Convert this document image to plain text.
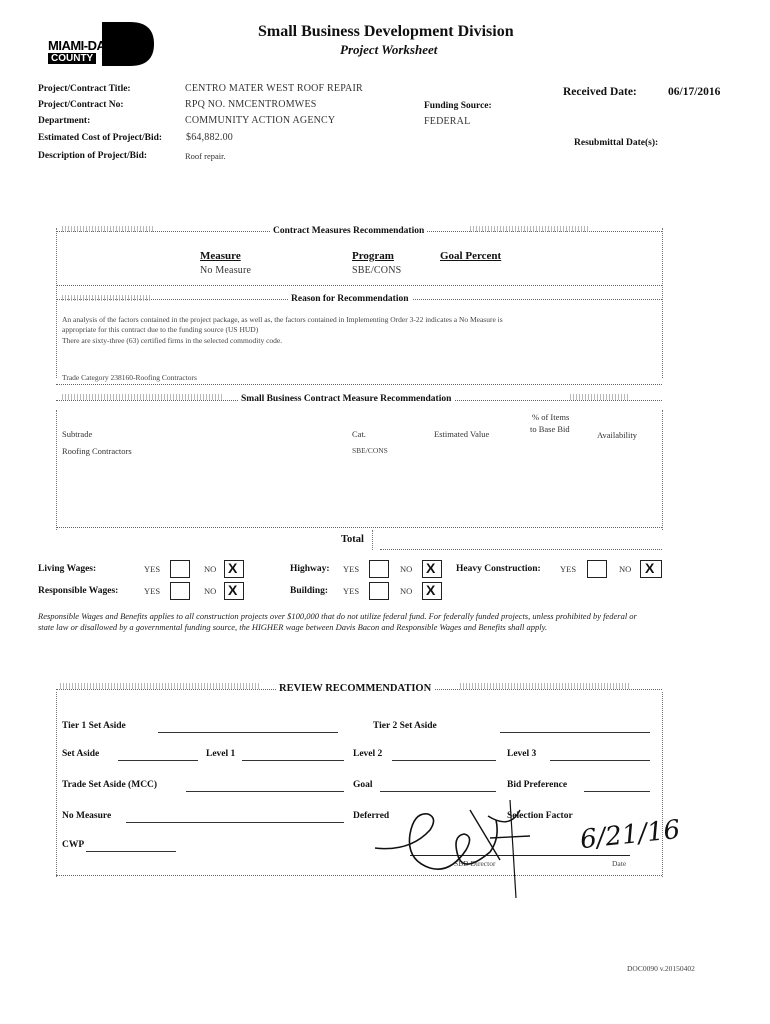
MIAMI-DADE
COUNTY
Small Business Development Division
Project Worksheet
Project/Contract Title:	CENTRO MATER WEST ROOF REPAIR
Project/Contract No:	RPQ NO. NMCENTROMWES
Department:	COMMUNITY ACTION AGENCY
Estimated Cost of Project/Bid: $64,882.00
Description of Project/Bid:	Roof repair.
Funding Source:
FEDERAL
Received Date:	06/17/2016
Resubmittal Date(s):
Contract Measures Recommendation
Measure
No Measure
Program
SBE/CONS
Goal Percent
Reason for Recommendation
An analysis of the factors contained in the project package, as well as, the factors contained in Implementing Order 3-22 indicates a No Measure is
appropriate for this contract due to the funding source (US HUD)
There are sixty-three (63) certified firms in the selected commodity code.
Trade Category 238160-Roofing Contractors
Small Business Contract Measure Recommendation
% of Items
to Base Bid
Subtrade	Cat.	Estimated Value	Availability
Roofing Contractors	SBE/CONS
Total
Living Wages:	YES	NO X	Highway: YES	NO X Heavy Construction: YES	NO X
Responsible Wages:	YES	NO X	Building: YES	NO X
Responsible Wages and Benefits applies to all construction projects over $100,000 that do not utilize federal fund. For federally funded projects, unless prohibited by federal or state law or disallowed by a governmental funding source, the HIGHER wage between Davis Bacon and Responsible Wages and Benefits shall apply.
REVIEW RECOMMENDATION
Tier 1 Set Aside	Tier 2 Set Aside
Set Aside	Level 1	Level 2	Level 3
Trade Set Aside (MCC)	Goal	Bid Preference
No Measure	Deferred	Selection Factor
CWP
SBD Director	Date
6/21/16
DOC0090 v.20150402
